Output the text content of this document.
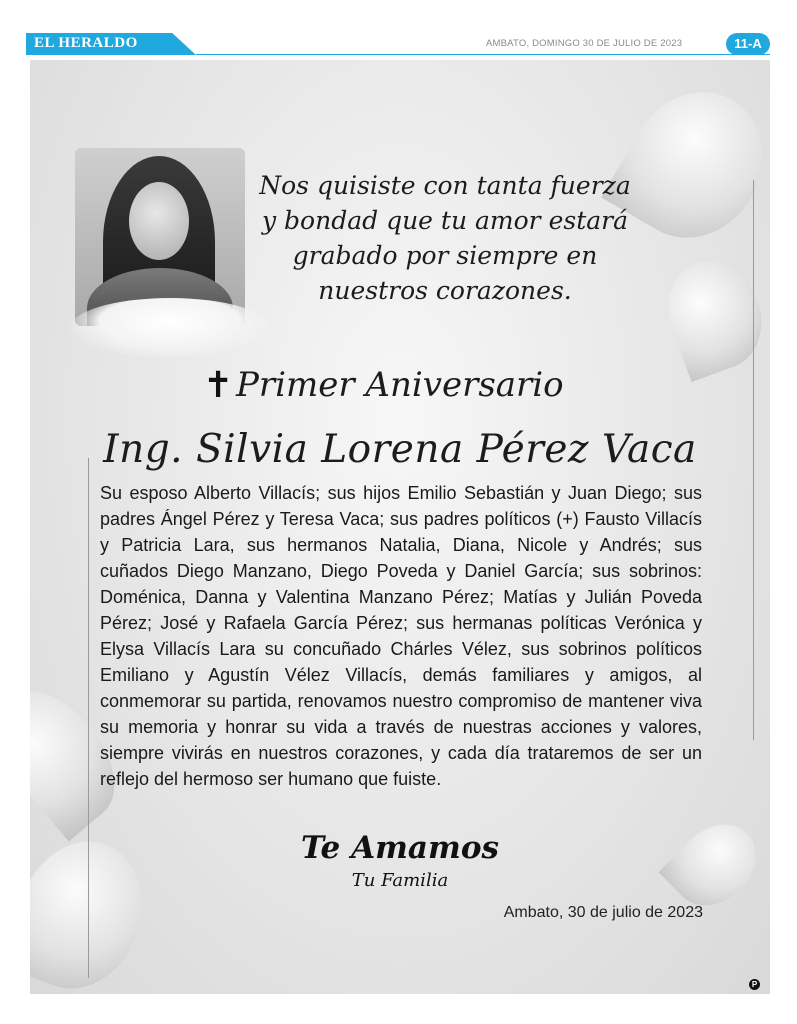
EL HERALDO	AMBATO, DOMINGO 30 DE JULIO DE 2023	11-A
Nos quisiste con tanta fuerza
y bondad que tu amor estará
grabado por siempre en
nuestros corazones.
✝ Primer Aniversario
Ing. Silvia Lorena Pérez Vaca
Su esposo Alberto Villacís; sus hijos Emilio Sebastián y Juan Diego; sus padres Ángel Pérez y Teresa Vaca; sus padres políticos (+) Fausto Villacís y Patricia Lara, sus hermanos Natalia, Diana, Nicole y Andrés; sus cuñados Diego Manzano, Diego Poveda y Daniel García; sus sobrinos: Doménica, Danna y Valentina Manzano Pérez; Matías y Julián Poveda Pérez; José y Rafaela García Pérez; sus hermanas políticas Verónica y Elysa Villacís Lara su concuñado Chárles Vélez, sus sobrinos políticos Emiliano y Agustín Vélez Villacís, demás familiares y amigos, al conmemorar su partida, renovamos nuestro compromiso de mantener viva su memoria y honrar su vida a través de nuestras acciones y valores, siempre vivirás en nuestros corazones, y cada día trataremos de ser un reflejo del hermoso ser humano que fuiste.
Te Amamos
Tu Familia
Ambato, 30 de julio de 2023
P
